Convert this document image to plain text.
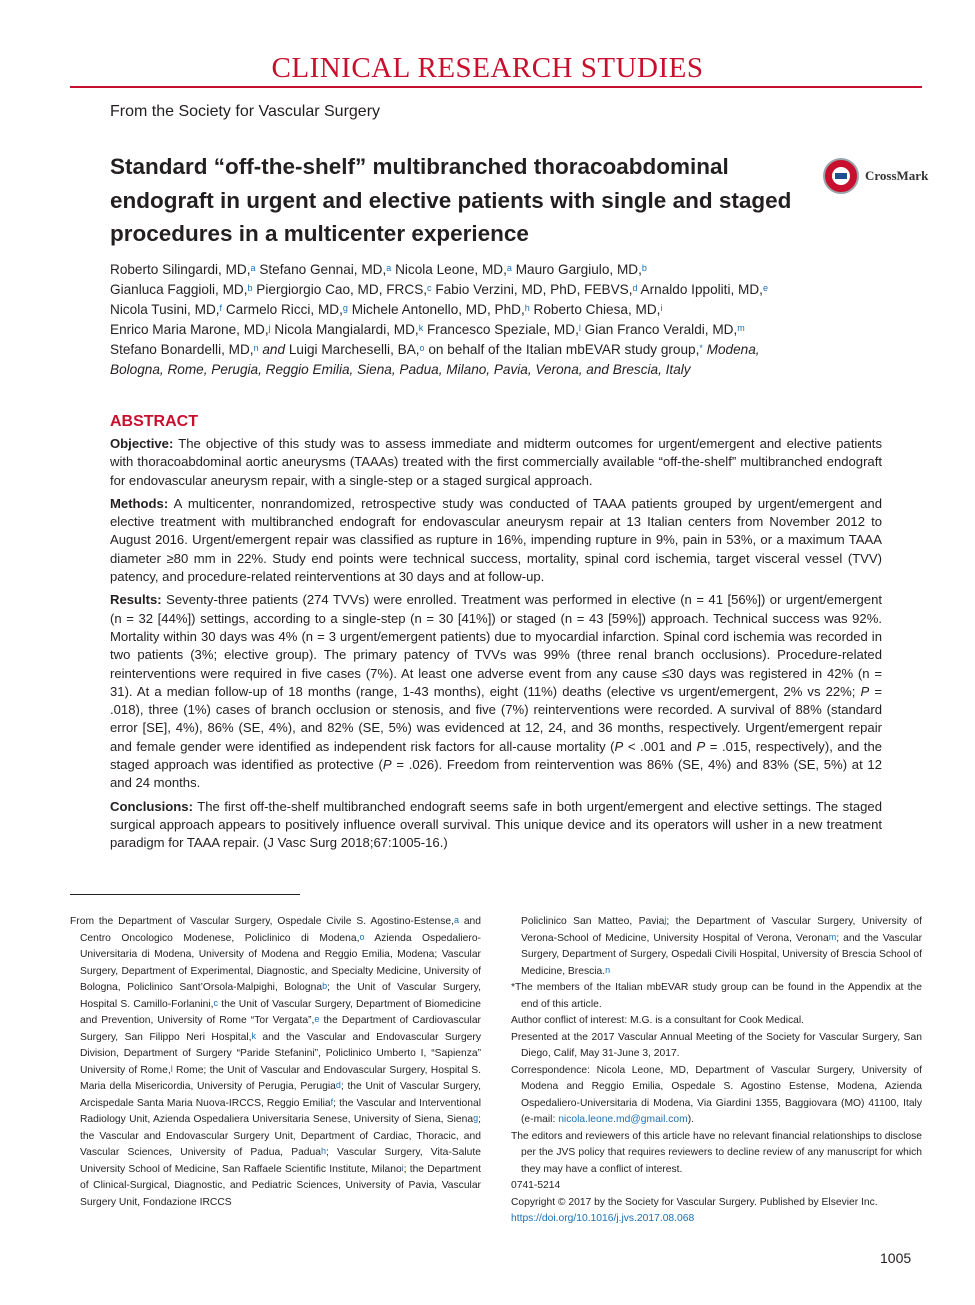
CLINICAL RESEARCH STUDIES
From the Society for Vascular Surgery
Standard “off-the-shelf” multibranched thoracoabdominal endograft in urgent and elective patients with single and staged procedures in a multicenter experience
CrossMark
Roberto Silingardi, MD,$^a$ Stefano Gennai, MD,$^a$ Nicola Leone, MD,$^a$ Mauro Gargiulo, MD,$^b$
Gianluca Faggioli, MD,$^b$ Piergiorgio Cao, MD, FRCS,$^c$ Fabio Verzini, MD, PhD, FEBVS,$^d$ Arnaldo Ippoliti, MD,$^e$
Nicola Tusini, MD,$^f$ Carmelo Ricci, MD,$^g$ Michele Antonello, MD, PhD,$^h$ Roberto Chiesa, MD,$^i$
Enrico Maria Marone, MD,$^j$ Nicola Mangialardi, MD,$^k$ Francesco Speziale, MD,$^l$ Gian Franco Veraldi, MD,$^m$
Stefano Bonardelli, MD,$^n$ and Luigi Marcheselli, BA,$^o$ on behalf of the Italian mbEVAR study group,* Modena,
Bologna, Rome, Perugia, Reggio Emilia, Siena, Padua, Milano, Pavia, Verona, and Brescia, Italy
ABSTRACT

Objective: The objective of this study was to assess immediate and midterm outcomes for urgent/emergent and elective patients with thoracoabdominal aortic aneurysms (TAAAs) treated with the first commercially available “off-the-shelf” multibranched endograft for endovascular aneurysm repair, with a single-step or a staged surgical approach.

Methods: A multicenter, nonrandomized, retrospective study was conducted of TAAA patients grouped by urgent/emergent and elective treatment with multibranched endograft for endovascular aneurysm repair at 13 Italian centers from November 2012 to August 2016. Urgent/emergent repair was classified as rupture in 16%, impending rupture in 9%, pain in 53%, or a maximum TAAA diameter ≥80 mm in 22%. Study end points were technical success, mortality, spinal cord ischemia, target visceral vessel (TVV) patency, and procedure-related reinterventions at 30 days and at follow-up.

Results: Seventy-three patients (274 TVVs) were enrolled. Treatment was performed in elective (n = 41 [56%]) or urgent/emergent (n = 32 [44%]) settings, according to a single-step (n = 30 [41%]) or staged (n = 43 [59%]) approach. Technical success was 92%. Mortality within 30 days was 4% (n = 3 urgent/emergent patients) due to myocardial infarction. Spinal cord ischemia was recorded in two patients (3%; elective group). The primary patency of TVVs was 99% (three renal branch occlusions). Procedure-related reinterventions were required in five cases (7%). At least one adverse event from any cause ≤30 days was registered in 42% (n = 31). At a median follow-up of 18 months (range, 1-43 months), eight (11%) deaths (elective vs urgent/emergent, 2% vs 22%; P = .018), three (1%) cases of branch occlusion or stenosis, and five (7%) reinterventions were recorded. A survival of 88% (standard error [SE], 4%), 86% (SE, 4%), and 82% (SE, 5%) was evidenced at 12, 24, and 36 months, respectively. Urgent/emergent repair and female gender were identified as independent risk factors for all-cause mortality (P < .001 and P = .015, respectively), and the staged approach was identified as protective (P = .026). Freedom from reintervention was 86% (SE, 4%) and 83% (SE, 5%) at 12 and 24 months.

Conclusions: The first off-the-shelf multibranched endograft seems safe in both urgent/emergent and elective settings. The staged surgical approach appears to positively influence overall survival. This unique device and its operators will usher in a new treatment paradigm for TAAA repair. (J Vasc Surg 2018;67:1005-16.)

From the Department of Vascular Surgery, Ospedale Civile S. Agostino-Estense,$^a$ and Centro Oncologico Modenese, Policlinico di Modena,$^o$ Azienda Ospedaliero-Universitaria di Modena, University of Modena and Reggio Emilia, Modena; Vascular Surgery, Department of Experimental, Diagnostic, and Specialty Medicine, University of Bologna, Policlinico Sant’Orsola-Malpighi, Bologna$^b$; the Unit of Vascular Surgery, Hospital S. Camillo-Forlanini,$^c$ the Unit of Vascular Surgery, Department of Biomedicine and Prevention, University of Rome “Tor Vergata”,$^e$ the Department of Cardiovascular Surgery, San Filippo Neri Hospital,$^k$ and the Vascular and Endovascular Surgery Division, Department of Surgery “Paride Stefanini”, Policlinico Umberto I, “Sapienza” University of Rome,$^l$ Rome; the Unit of Vascular and Endovascular Surgery, Hospital S. Maria della Misericordia, University of Perugia, Perugia$^d$; the Unit of Vascular Surgery, Arcispedale Santa Maria Nuova-IRCCS, Reggio Emilia$^f$; the Vascular and Interventional Radiology Unit, Azienda Ospedaliera Universitaria Senese, University of Siena, Siena$^g$; the Vascular and Endovascular Surgery Unit, Department of Cardiac, Thoracic, and Vascular Sciences, University of Padua, Padua$^h$; Vascular Surgery, Vita-Salute University School of Medicine, San Raffaele Scientific Institute, Milano$^i$; the Department of Clinical-Surgical, Diagnostic, and Pediatric Sciences, University of Pavia, Vascular Surgery Unit, Fondazione IRCCS

Policlinico San Matteo, Pavia$^j$; the Department of Vascular Surgery, University of Verona-School of Medicine, University Hospital of Verona, Verona$^m$; and the Vascular Surgery, Department of Surgery, Ospedali Civili Hospital, University of Brescia School of Medicine, Brescia.$^n$

*The members of the Italian mbEVAR study group can be found in the Appendix at the end of this article.

Author conflict of interest: M.G. is a consultant for Cook Medical.

Presented at the 2017 Vascular Annual Meeting of the Society for Vascular Surgery, San Diego, Calif, May 31-June 3, 2017.

Correspondence: Nicola Leone, MD, Department of Vascular Surgery, University of Modena and Reggio Emilia, Ospedale S. Agostino Estense, Modena, Azienda Ospedaliero-Universitaria di Modena, Via Giardini 1355, Baggiovara (MO) 41100, Italy (e-mail: nicola.leone.md@gmail.com).

The editors and reviewers of this article have no relevant financial relationships to disclose per the JVS policy that requires reviewers to decline review of any manuscript for which they may have a conflict of interest.

0741-5214

Copyright © 2017 by the Society for Vascular Surgery. Published by Elsevier Inc.

https://doi.org/10.1016/j.jvs.2017.08.068

1005
